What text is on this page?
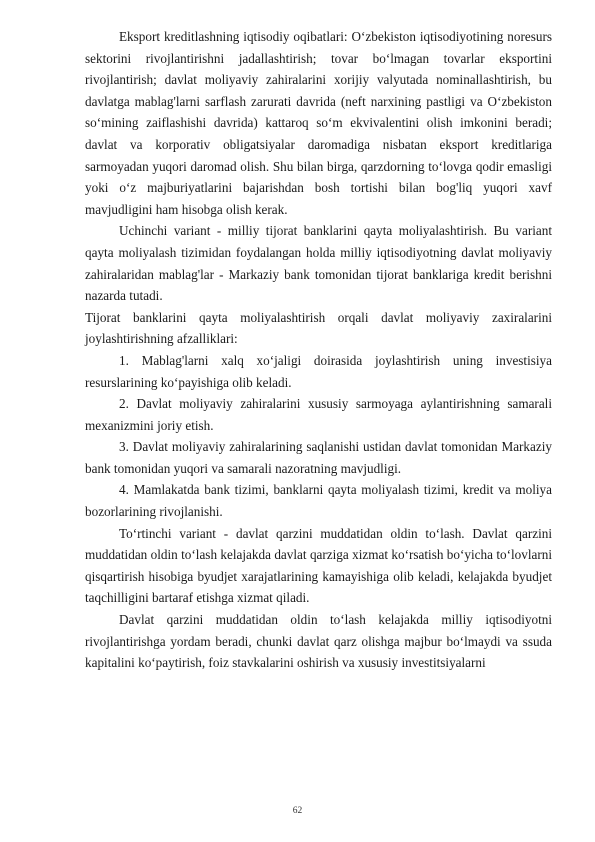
Eksport kreditlashning iqtisodiy oqibatlari: O‘zbekiston iqtisodiyotining noresurs sektorini rivojlantirishni jadallashtirish; tovar bo‘lmagan tovarlar eksportini rivojlantirish; davlat moliyaviy zahiralarini xorijiy valyutada nominallashtirish, bu davlatga mablag'larni sarflash zarurati davrida (neft narxining pastligi va O‘zbekiston so‘mining zaiflashishi davrida) kattaroq so‘m ekvivalentini olish imkonini beradi; davlat va korporativ obligatsiyalar daromadiga nisbatan eksport kreditlariga sarmoyadan yuqori daromad olish. Shu bilan birga, qarzdorning to‘lovga qodir emasligi yoki o‘z majburiyatlarini bajarishdan bosh tortishi bilan bog'liq yuqori xavf mavjudligini ham hisobga olish kerak.

Uchinchi variant - milliy tijorat banklarini qayta moliyalashtirish. Bu variant qayta moliyalash tizimidan foydalangan holda milliy iqtisodiyotning davlat moliyaviy zahiralaridan mablag'lar - Markaziy bank tomonidan tijorat banklariga kredit berishni nazarda tutadi.

Tijorat banklarini qayta moliyalashtirish orqali davlat moliyaviy zaxiralarini joylashtirishning afzalliklari:

1. Mablag'larni xalq xo‘jaligi doirasida joylashtirish uning investisiya resurslarining ko‘payishiga olib keladi.

2. Davlat moliyaviy zahiralarini xususiy sarmoyaga aylantirishning samarali mexanizmini joriy etish.

3. Davlat moliyaviy zahiralarining saqlanishi ustidan davlat tomonidan Markaziy bank tomonidan yuqori va samarali nazoratning mavjudligi.

4. Mamlakatda bank tizimi, banklarni qayta moliyalash tizimi, kredit va moliya bozorlarining rivojlanishi.

To‘rtinchi variant - davlat qarzini muddatidan oldin to‘lash. Davlat qarzini muddatidan oldin to‘lash kelajakda davlat qarziga xizmat ko‘rsatish bo‘yicha to‘lovlarni qisqartirish hisobiga byudjet xarajatlarining kamayishiga olib keladi, kelajakda byudjet taqchilligini bartaraf etishga xizmat qiladi.

Davlat qarzini muddatidan oldin to‘lash kelajakda milliy iqtisodiyotni rivojlantirishga yordam beradi, chunki davlat qarz olishga majbur bo‘lmaydi va ssuda kapitalini ko‘paytirish, foiz stavkalarini oshirish va xususiy investitsiyalarni

62
